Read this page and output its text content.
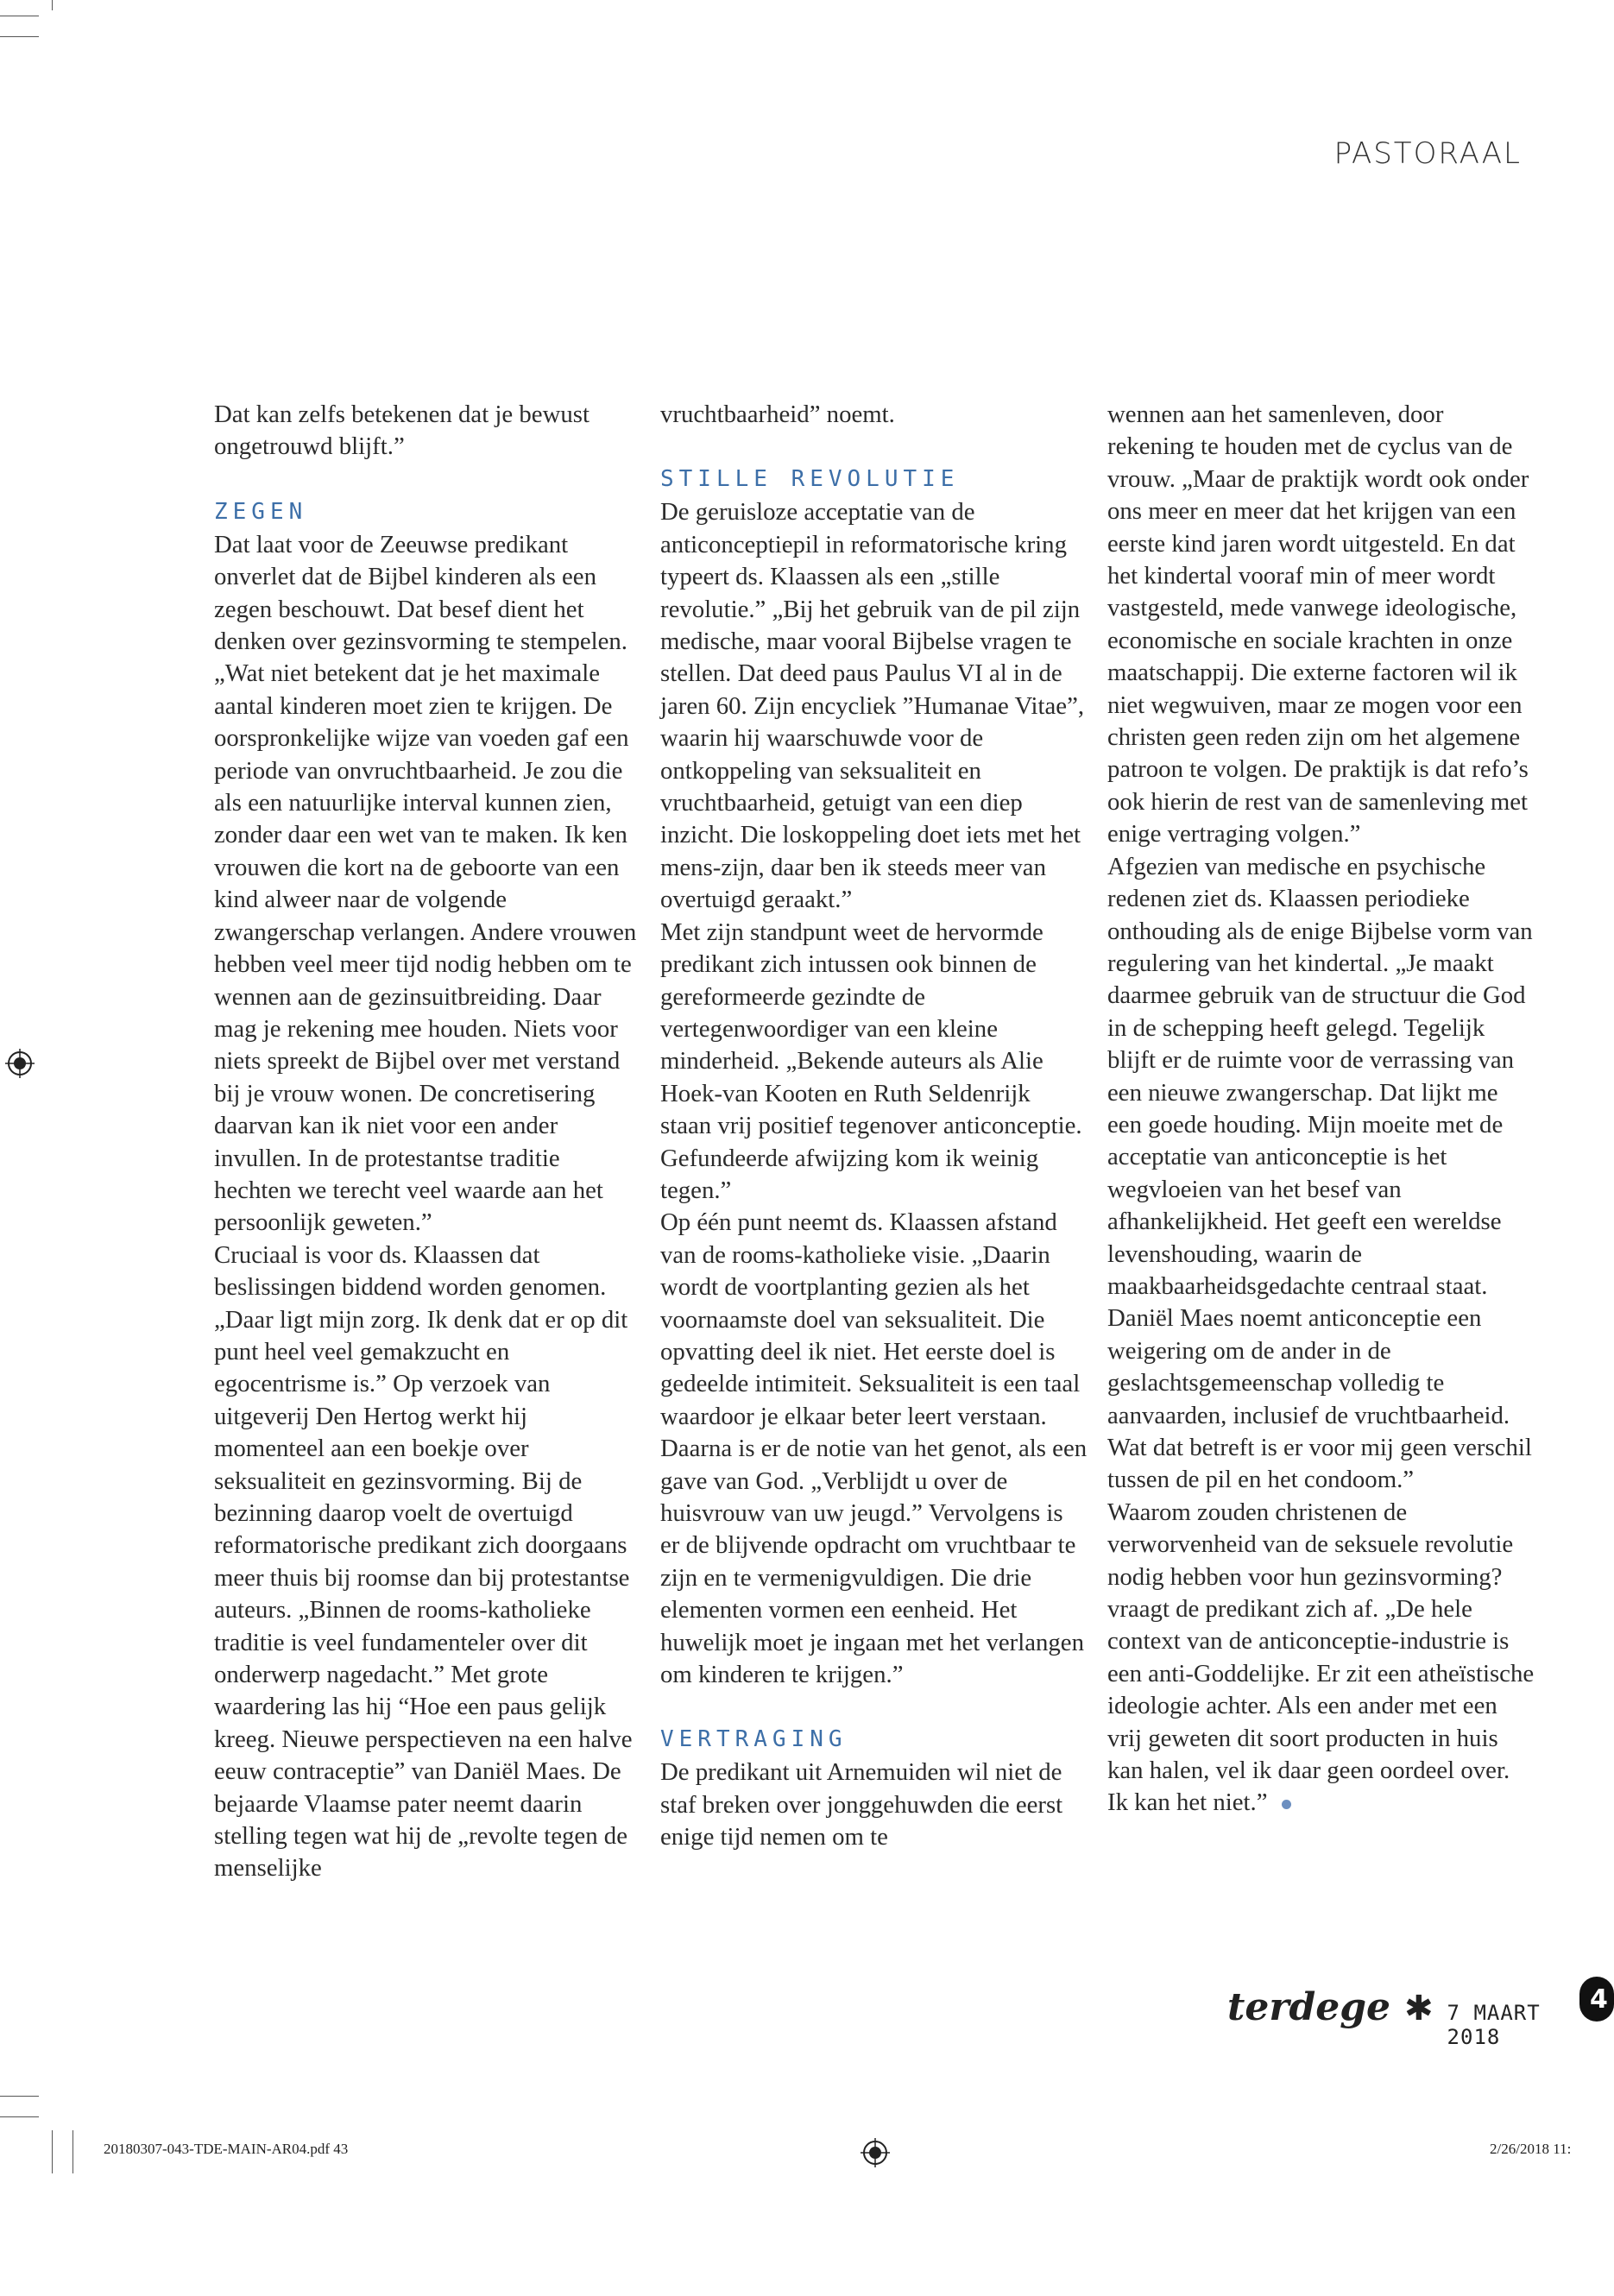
PASTORAAL

Dat kan zelfs betekenen dat je bewust ongetrouwd blijft.”

ZEGEN

Dat laat voor de Zeeuwse predikant onverlet dat de Bijbel kinderen als een zegen beschouwt. Dat besef dient het denken over gezinsvorming te stempelen. „Wat niet betekent dat je het maximale aantal kinderen moet zien te krijgen. De oorspronkelijke wijze van voeden gaf een periode van onvruchtbaarheid. Je zou die als een natuurlijke interval kunnen zien, zonder daar een wet van te maken. Ik ken vrouwen die kort na de geboorte van een kind alweer naar de volgende zwangerschap verlangen. Andere vrouwen hebben veel meer tijd nodig hebben om te wennen aan de gezinsuitbreiding. Daar mag je rekening mee houden. Niets voor niets spreekt de Bijbel over met verstand bij je vrouw wonen. De concretisering daarvan kan ik niet voor een ander invullen. In de protestantse traditie hechten we terecht veel waarde aan het persoonlijk geweten.”

Cruciaal is voor ds. Klaassen dat beslissingen biddend worden genomen. „Daar ligt mijn zorg. Ik denk dat er op dit punt heel veel gemakzucht en egocentrisme is.” Op verzoek van uitgeverij Den Hertog werkt hij momenteel aan een boekje over seksualiteit en gezinsvorming. Bij de bezinning daarop voelt de overtuigd reformatorische predikant zich doorgaans meer thuis bij roomse dan bij protestantse auteurs. „Binnen de rooms-katholieke traditie is veel fundamenteler over dit onderwerp nagedacht.” Met grote waardering las hij “Hoe een paus gelijk kreeg. Nieuwe perspectieven na een halve eeuw contraceptie” van Daniël Maes. De bejaarde Vlaamse pater neemt daarin stelling tegen wat hij de „revolte tegen de menselijke

vruchtbaarheid” noemt.

STILLE REVOLUTIE

De geruisloze acceptatie van de anticonceptiepil in reformatorische kring typeert ds. Klaassen als een „stille revolutie.” „Bij het gebruik van de pil zijn medische, maar vooral Bijbelse vragen te stellen. Dat deed paus Paulus VI al in de jaren 60. Zijn encycliek ”Humanae Vitae”, waarin hij waarschuwde voor de ontkoppeling van seksualiteit en vruchtbaarheid, getuigt van een diep inzicht. Die loskoppeling doet iets met het mens-zijn, daar ben ik steeds meer van overtuigd geraakt.”

Met zijn standpunt weet de hervormde predikant zich intussen ook binnen de gereformeerde gezindte de vertegenwoordiger van een kleine minderheid. „Bekende auteurs als Alie Hoek-van Kooten en Ruth Seldenrijk staan vrij positief tegenover anticonceptie. Gefundeerde afwijzing kom ik weinig tegen.”

Op één punt neemt ds. Klaassen afstand van de rooms-katholieke visie. „Daarin wordt de voortplanting gezien als het voornaamste doel van seksualiteit. Die opvatting deel ik niet. Het eerste doel is gedeelde intimiteit. Seksualiteit is een taal waardoor je elkaar beter leert verstaan. Daarna is er de notie van het genot, als een gave van God. „Verblijdt u over de huisvrouw van uw jeugd.” Vervolgens is er de blijvende opdracht om vruchtbaar te zijn en te vermenigvuldigen. Die drie elementen vormen een eenheid. Het huwelijk moet je ingaan met het verlangen om kinderen te krijgen.”

VERTRAGING

De predikant uit Arnemuiden wil niet de staf breken over jonggehuwden die eerst enige tijd nemen om te

wennen aan het samenleven, door rekening te houden met de cyclus van de vrouw. „Maar de praktijk wordt ook onder ons meer en meer dat het krijgen van een eerste kind jaren wordt uitgesteld. En dat het kindertal vooraf min of meer wordt vastgesteld, mede vanwege ideologische, economische en sociale krachten in onze maatschappij. Die externe factoren wil ik niet wegwuiven, maar ze mogen voor een christen geen reden zijn om het algemene patroon te volgen. De praktijk is dat refo’s ook hierin de rest van de samenleving met enige vertraging volgen.”

Afgezien van medische en psychische redenen ziet ds. Klaassen periodieke onthouding als de enige Bijbelse vorm van regulering van het kindertal. „Je maakt daarmee gebruik van de structuur die God in de schepping heeft gelegd. Tegelijk blijft er de ruimte voor de verrassing van een nieuwe zwangerschap. Dat lijkt me een goede houding. Mijn moeite met de acceptatie van anticonceptie is het wegvloeien van het besef van afhankelijkheid. Het geeft een wereldse levenshouding, waarin de maakbaarheidsgedachte centraal staat. Daniël Maes noemt anticonceptie een weigering om de ander in de geslachtsgemeenschap volledig te aanvaarden, inclusief de vruchtbaarheid. Wat dat betreft is er voor mij geen verschil tussen de pil en het condoom.”

Waarom zouden christenen de verworvenheid van de seksuele revolutie nodig hebben voor hun gezinsvorming? vraagt de predikant zich af. „De hele context van de anticonceptie-industrie is een anti-Goddelijke. Er zit een atheïstische ideologie achter. Als een ander met een vrij geweten dit soort producten in huis kan halen, vel ik daar geen oordeel over. Ik kan het niet.”

terdege ✱ 7 MAART 2018
4
20180307-043-TDE-MAIN-AR04.pdf 43	2/26/2018 11:
